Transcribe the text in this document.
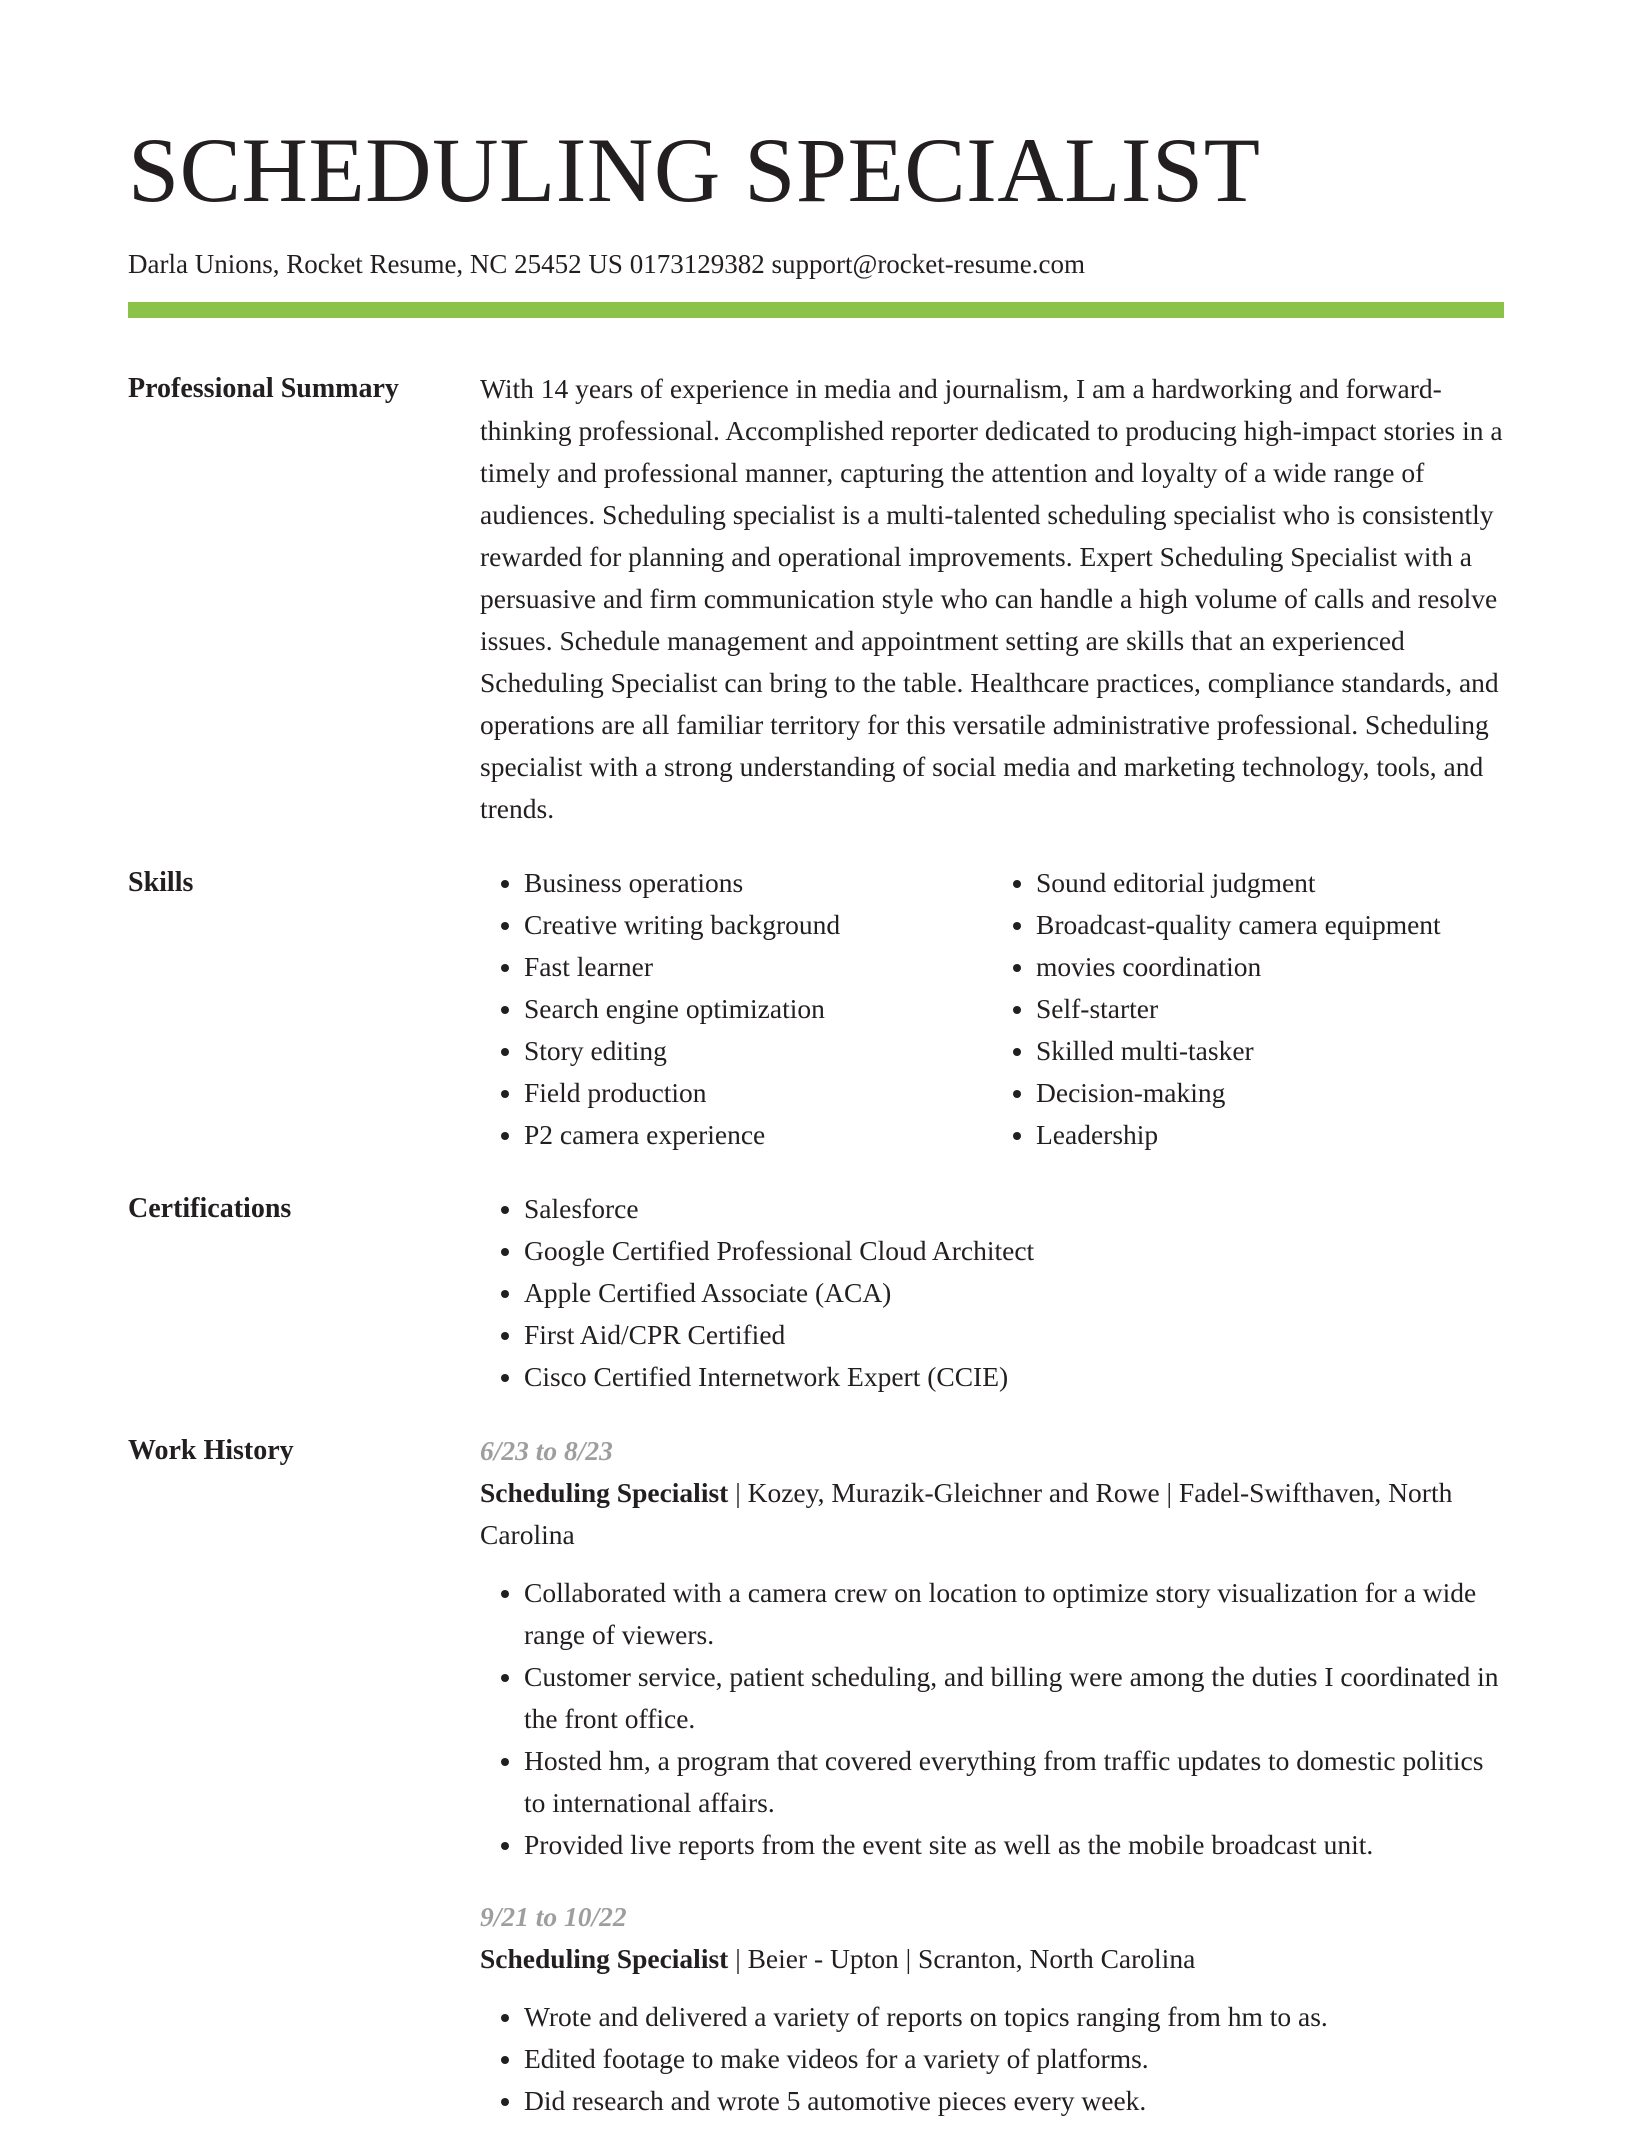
SCHEDULING SPECIALIST
Darla Unions, Rocket Resume, NC 25452 US 0173129382 support@rocket-resume.com
Professional Summary	With 14 years of experience in media and journalism, I am a hardworking and forward-thinking professional. Accomplished reporter dedicated to producing high-impact stories in a timely and professional manner, capturing the attention and loyalty of a wide range of audiences. Scheduling specialist is a multi-talented scheduling specialist who is consistently rewarded for planning and operational improvements. Expert Scheduling Specialist with a persuasive and firm communication style who can handle a high volume of calls and resolve issues. Schedule management and appointment setting are skills that an experienced Scheduling Specialist can bring to the table. Healthcare practices, compliance standards, and operations are all familiar territory for this versatile administrative professional. Scheduling specialist with a strong understanding of social media and marketing technology, tools, and trends.

Skills	• Business operations
• Creative writing background
• Fast learner
• Search engine optimization
• Story editing
• Field production
• P2 camera experience
• Sound editorial judgment
• Broadcast-quality camera equipment
• movies coordination
• Self-starter
• Skilled multi-tasker
• Decision-making
• Leadership
Certifications	• Salesforce
• Google Certified Professional Cloud Architect
• Apple Certified Associate (ACA)
• First Aid/CPR Certified
• Cisco Certified Internetwork Expert (CCIE)
Work History	6/23 to 8/23
Scheduling Specialist | Kozey, Murazik-Gleichner and Rowe | Fadel-Swifthaven, North Carolina
• Collaborated with a camera crew on location to optimize story visualization for a wide range of viewers.
• Customer service, patient scheduling, and billing were among the duties I coordinated in the front office.
• Hosted hm, a program that covered everything from traffic updates to domestic politics to international affairs.
• Provided live reports from the event site as well as the mobile broadcast unit.
9/21 to 10/22
Scheduling Specialist | Beier - Upton | Scranton, North Carolina
• Wrote and delivered a variety of reports on topics ranging from hm to as.
• Edited footage to make videos for a variety of platforms.
• Did research and wrote 5 automotive pieces every week.
